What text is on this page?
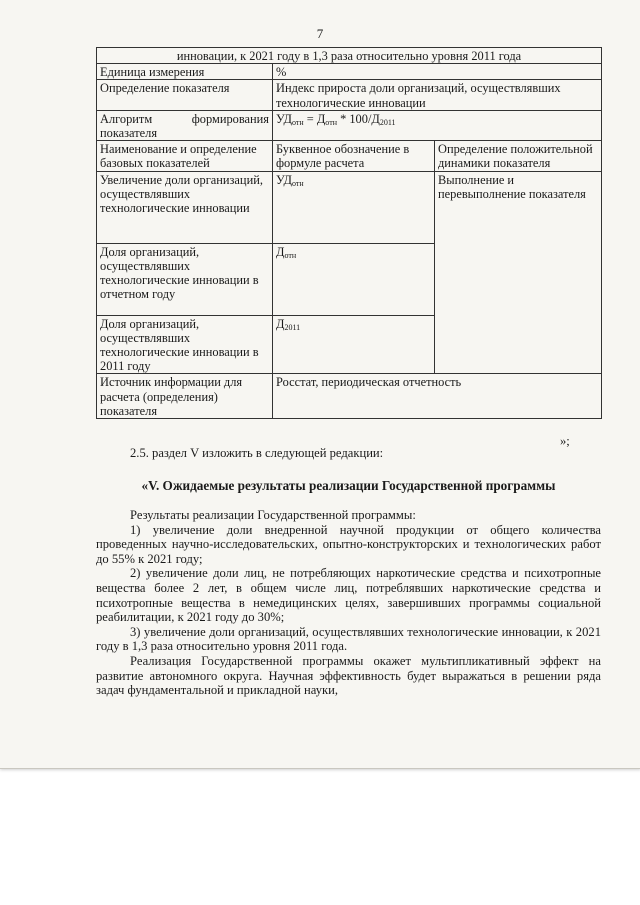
7
инновации, к 2021 году в 1,3 раза относительно уровня 2011 года		
Единица измерения	%	
Определение показателя	Индекс прироста доли организаций, осуществлявших технологические инновации	
Алгоритм формирования показателя	$УД_{отн} = Д_{отн} * 100/Д_{2011}$
Наименование и определение базовых показателей	Буквенное обозначение в формуле расчета	Определение положительной динамики показателя
Увеличение доли организаций, осуществлявших технологические инновации	$УД_{отн}$	Выполнение и перевыполнение показателя
Доля организаций, осуществлявших технологические инновации в отчетном году	$Д_{отн}$
Доля организаций, осуществлявших технологические инновации в 2011 году	$Д_{2011}$
Источник информации для расчета (определения) показателя	Росстат, периодическая отчетность	
»;
2.5. раздел V изложить в следующей редакции:
«V. Ожидаемые результаты реализации Государственной программы

Результаты реализации Государственной программы:

1) увеличение доли внедренной научной продукции от общего количества проведенных научно-исследовательских, опытно-конструкторских и технологических работ до 55% к 2021 году;

2) увеличение доли лиц, не потребляющих наркотические средства и психотропные вещества более 2 лет, в общем числе лиц, потреблявших наркотические средства и психотропные вещества в немедицинских целях, завершивших программы социальной реабилитации, к 2021 году до 30%;

3) увеличение доли организаций, осуществлявших технологические инновации, к 2021 году в 1,3 раза относительно уровня 2011 года.

Реализация Государственной программы окажет мультипликативный эффект на развитие автономного округа. Научная эффективность будет выражаться в решении ряда задач фундаментальной и прикладной науки,
